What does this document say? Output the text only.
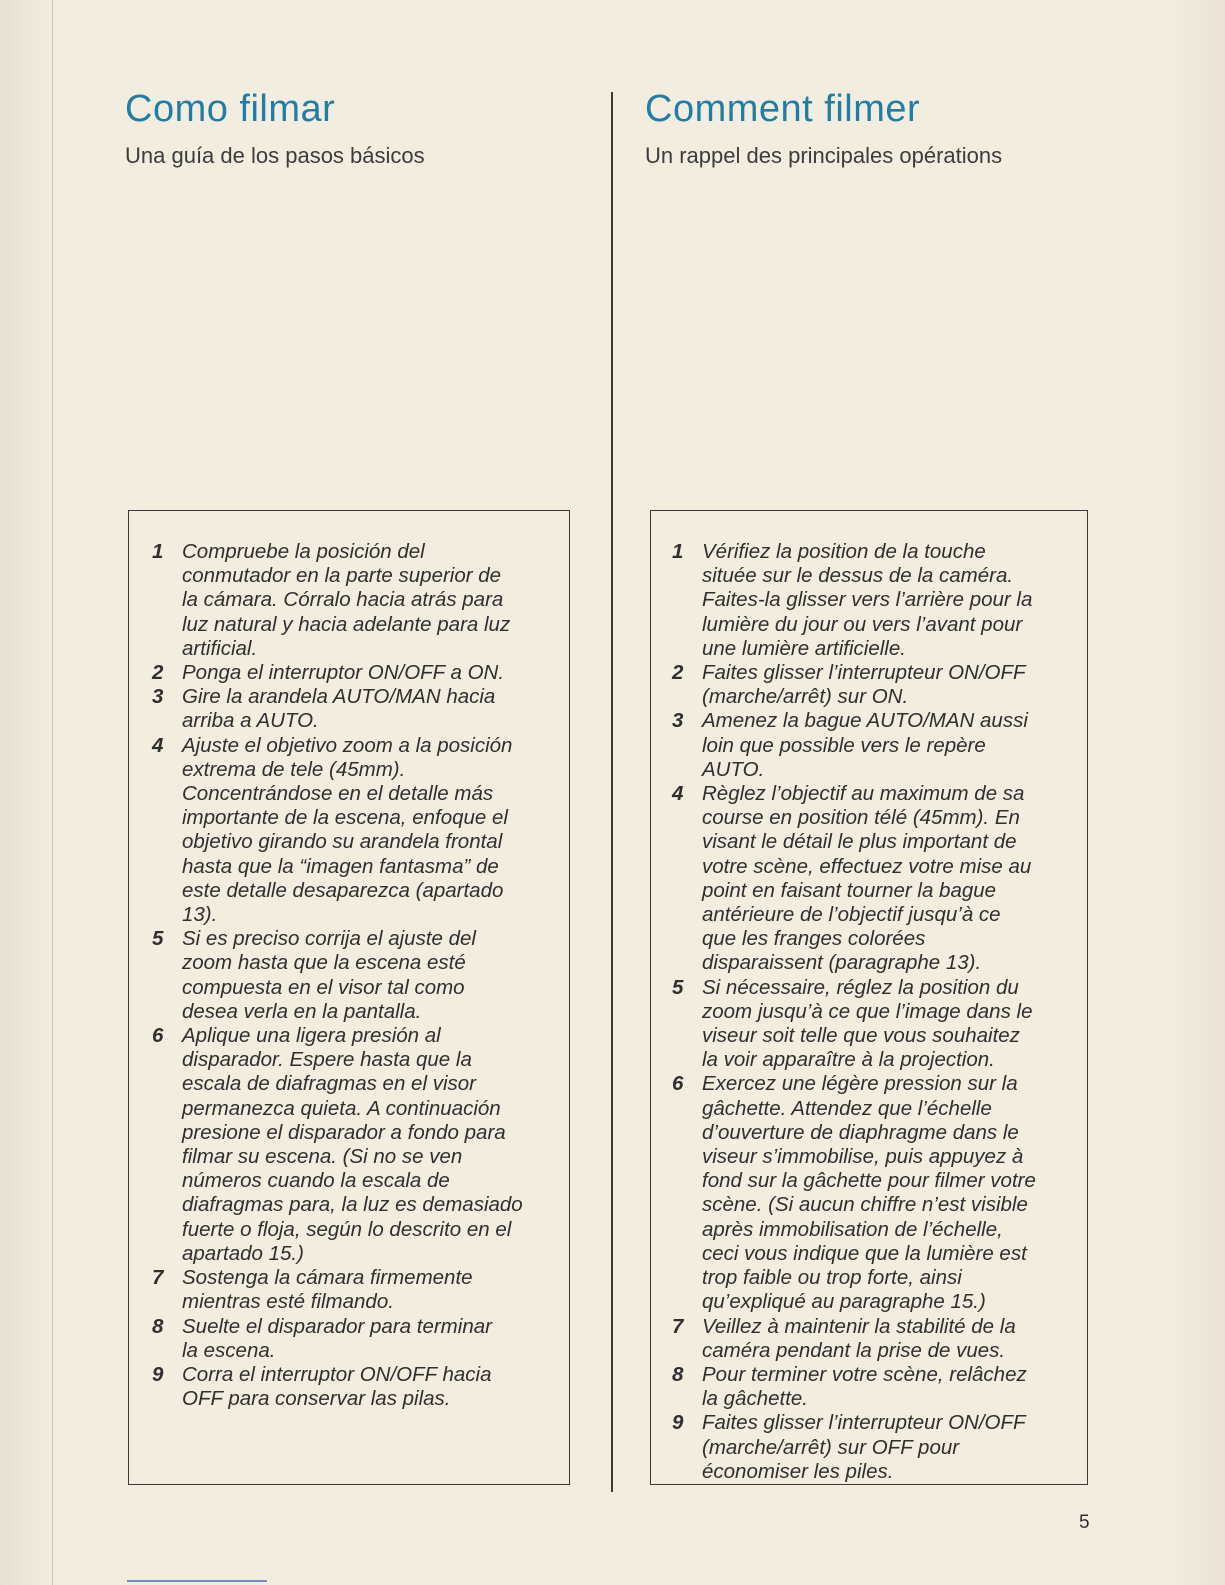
Como filmar

Una guía de los pasos básicos

1 Compruebe la posición del
conmutador en la parte superior de
la cámara. Córralo hacia atrás para
luz natural y hacia adelante para luz
artificial.
2 Ponga el interruptor ON/OFF a ON.
3 Gire la arandela AUTO/MAN hacia
arriba a AUTO.
4 Ajuste el objetivo zoom a la posición
extrema de tele (45mm).
Concentrándose en el detalle más
importante de la escena, enfoque el
objetivo girando su arandela frontal
hasta que la “imagen fantasma” de
este detalle desaparezca (apartado
13).
5 Si es preciso corrija el ajuste del
zoom hasta que la escena esté
compuesta en el visor tal como
desea verla en la pantalla.
6 Aplique una ligera presión al
disparador. Espere hasta que la
escala de diafragmas en el visor
permanezca quieta. A continuación
presione el disparador a fondo para
filmar su escena. (Si no se ven
números cuando la escala de
diafragmas para, la luz es demasiado
fuerte o floja, según lo descrito en el
apartado 15.)
7 Sostenga la cámara firmemente
mientras esté filmando.
8 Suelte el disparador para terminar
la escena.
9 Corra el interruptor ON/OFF hacia
OFF para conservar las pilas.
Comment filmer

Un rappel des principales opérations

1 Vérifiez la position de la touche
située sur le dessus de la caméra.
Faites-la glisser vers l’arrière pour la
lumière du jour ou vers l’avant pour
une lumière artificielle.
2 Faites glisser l’interrupteur ON/OFF
(marche/arrêt) sur ON.
3 Amenez la bague AUTO/MAN aussi
loin que possible vers le repère
AUTO.
4 Règlez l’objectif au maximum de sa
course en position télé (45mm). En
visant le détail le plus important de
votre scène, effectuez votre mise au
point en faisant tourner la bague
antérieure de l’objectif jusqu’à ce
que les franges colorées
disparaissent (paragraphe 13).
5 Si nécessaire, réglez la position du
zoom jusqu’à ce que l’image dans le
viseur soit telle que vous souhaitez
la voir apparaître à la projection.
6 Exercez une légère pression sur la
gâchette. Attendez que l’échelle
d’ouverture de diaphragme dans le
viseur s’immobilise, puis appuyez à
fond sur la gâchette pour filmer votre
scène. (Si aucun chiffre n’est visible
après immobilisation de l’échelle,
ceci vous indique que la lumière est
trop faible ou trop forte, ainsi
qu’expliqué au paragraphe 15.)
7 Veillez à maintenir la stabilité de la
caméra pendant la prise de vues.
8 Pour terminer votre scène, relâchez
la gâchette.
9 Faites glisser l’interrupteur ON/OFF
(marche/arrêt) sur OFF pour
économiser les piles.
5
